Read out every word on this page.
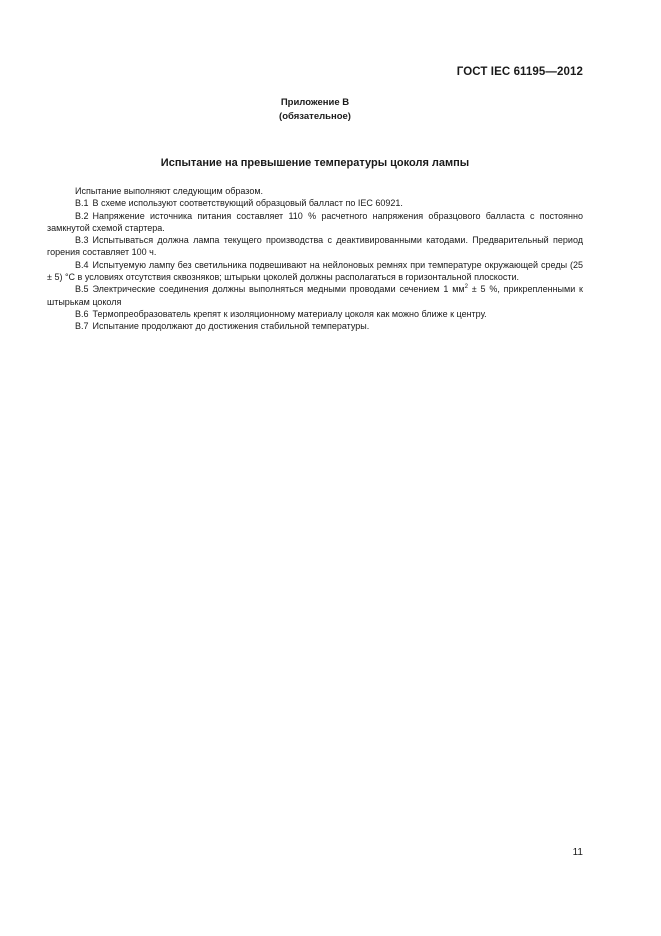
ГОСТ IEC 61195—2012
Приложение В
(обязательное)
Испытание на превышение температуры цоколя лампы

Испытание выполняют следующим образом.

В.1 В схеме используют соответствующий образцовый балласт по IEC 60921.

В.2 Напряжение источника питания составляет 110 % расчетного напряжения образцового балласта с постоянно замкнутой схемой стартера.

В.3 Испытываться должна лампа текущего производства с деактивированными катодами. Предварительный период горения составляет 100 ч.

В.4 Испытуемую лампу без светильника подвешивают на нейлоновых ремнях при температуре окружающей среды (25 ± 5) °С в условиях отсутствия сквозняков; штырьки цоколей должны располагаться в горизонтальной плоскости.

В.5 Электрические соединения должны выполняться медными проводами сечением 1 $мм^2 \pm 5$ %, прикрепленными к штырькам цоколя

В.6 Термопреобразователь крепят к изоляционному материалу цоколя как можно ближе к центру.

В.7 Испытание продолжают до достижения стабильной температуры.

11
